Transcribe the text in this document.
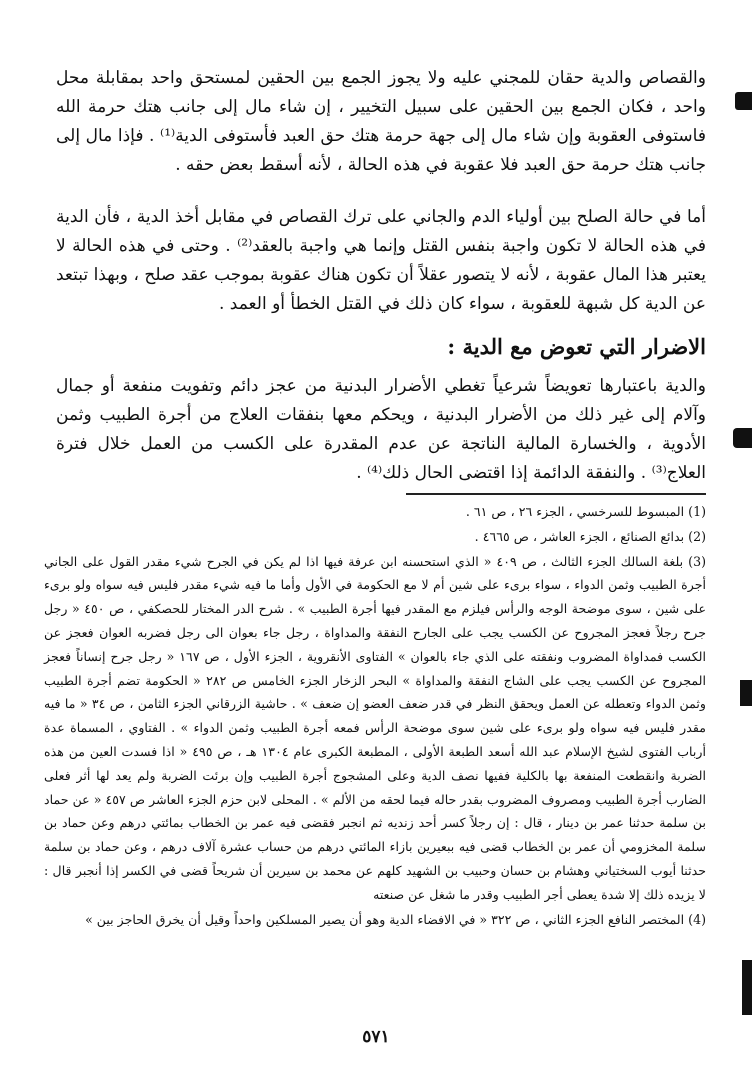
والقصاص والدية حقان للمجني عليه ولا يجوز الجمع بين الحقين لمستحق واحد بمقابلة محل واحد ، فكان الجمع بين الحقين على سبيل التخيير ، إن شاء مال إلى جانب هتك حرمة الله فاستوفى العقوبة وإن شاء مال إلى جهة حرمة هتك حق العبد فأستوفى الدية⁽¹⁾ . فإذا مال إلى جانب هتك حرمة حق العبد فلا عقوبة في هذه الحالة ، لأنه أسقط بعض حقه .

أما في حالة الصلح بين أولياء الدم والجاني على ترك القصاص في مقابل أخذ الدية ، فأن الدية في هذه الحالة لا تكون واجبة بنفس القتل وإنما هي واجبة بالعقد⁽²⁾ . وحتى في هذه الحالة لا يعتبر هذا المال عقوبة ، لأنه لا يتصور عقلاً أن تكون هناك عقوبة بموجب عقد صلح ، وبهذا تبتعد عن الدية كل شبهة للعقوبة ، سواء كان ذلك في القتل الخطأ أو العمد .

الاضرار التي تعوض مع الدية :

والدية باعتبارها تعويضاً شرعياً تغطي الأضرار البدنية من عجز دائم وتفويت منفعة أو جمال وآلام إلى غير ذلك من الأضرار البدنية ، ويحكم معها بنفقات العلاج من أجرة الطبيب وثمن الأدوية ، والخسارة المالية الناتجة عن عدم المقدرة على الكسب من العمل خلال فترة العلاج⁽³⁾ . والنفقة الدائمة إذا اقتضى الحال ذلك⁽⁴⁾ .

(1) المبسوط للسرخسي ، الجزء ٢٦ ، ص ٦١ .

(2) بدائع الصنائع ، الجزء العاشر ، ص ٤٦٦٥ .

(3) بلغة السالك الجزء الثالث ، ص ٤٠٩ « الذي استحسنه ابن عرفة فيها اذا لم يكن في الجرح شيء مقدر القول على الجاني أجرة الطبيب وثمن الدواء ، سواء برىء على شين أم لا مع الحكومة في الأول وأما ما فيه شيء مقدر فليس فيه سواه ولو برىء على شين ، سوى موضحة الوجه والرأس فيلزم مع المقدر فيها أجرة الطبيب » . شرح الدر المختار للحصكفي ، ص ٤٥٠ « رجل جرح رجلاً فعجز المجروح عن الكسب يجب على الجارح النفقة والمداواة ، رجل جاء بعوان الى رجل فضربه العوان فعجز عن الكسب فمداواة المضروب ونفقته على الذي جاء بالعوان » الفتاوى الأنقروية ، الجزء الأول ، ص ١٦٧ « رجل جرح إنساناً فعجز المجروح عن الكسب يجب على الشاج النفقة والمداواة » البحر الزخار الجزء الخامس ص ٢٨٢ « الحكومة تضم أجرة الطبيب وثمن الدواء وتعطله عن العمل ويحقق النظر في قدر ضعف العضو إن ضعف » . حاشية الزرقاني الجزء الثامن ، ص ٣٤ « ما فيه مقدر فليس فيه سواه ولو برىء على شين سوى موضحة الرأس فمعه أجرة الطبيب وثمن الدواء » . الفتاوي ، المسماة عدة أرباب الفتوى لشيخ الإسلام عبد الله أسعد الطبعة الأولى ، المطبعة الكبرى عام ١٣٠٤ هـ ، ص ٤٩٥ « اذا فسدت العين من هذه الضربة وانقطعت المنفعة بها بالكلية ففيها نصف الدية وعلى المشجوج أجرة الطبيب وإن برئت الضربة ولم يعد لها أثر فعلى الضارب أجرة الطبيب ومصروف المضروب بقدر حاله فيما لحقه من الألم » . المحلى لابن حزم الجزء العاشر ص ٤٥٧ « عن حماد بن سلمة حدثنا عمر بن دينار ، قال : إن رجلاً كسر أحد زنديه ثم انجبر فقضى فيه عمر بن الخطاب بمائتي درهم وعن حماد بن سلمة المخزومي أن عمر بن الخطاب قضى فيه ببعيرين بازاء المائتي درهم من حساب عشرة آلاف درهم ، وعن حماد بن سلمة حدثنا أيوب السختياني وهشام بن حسان وحبيب بن الشهيد كلهم عن محمد بن سيرين أن شريحاً قضى في الكسر إذا أنجبر قال : لا يزيده ذلك إلا شدة يعطى أجر الطبيب وقدر ما شغل عن صنعته

(4) المختصر النافع الجزء الثاني ، ص ٣٢٢ « في الافضاء الدية وهو أن يصير المسلكين واحداً وقيل أن يخرق الحاجز بين »

٥٧١
